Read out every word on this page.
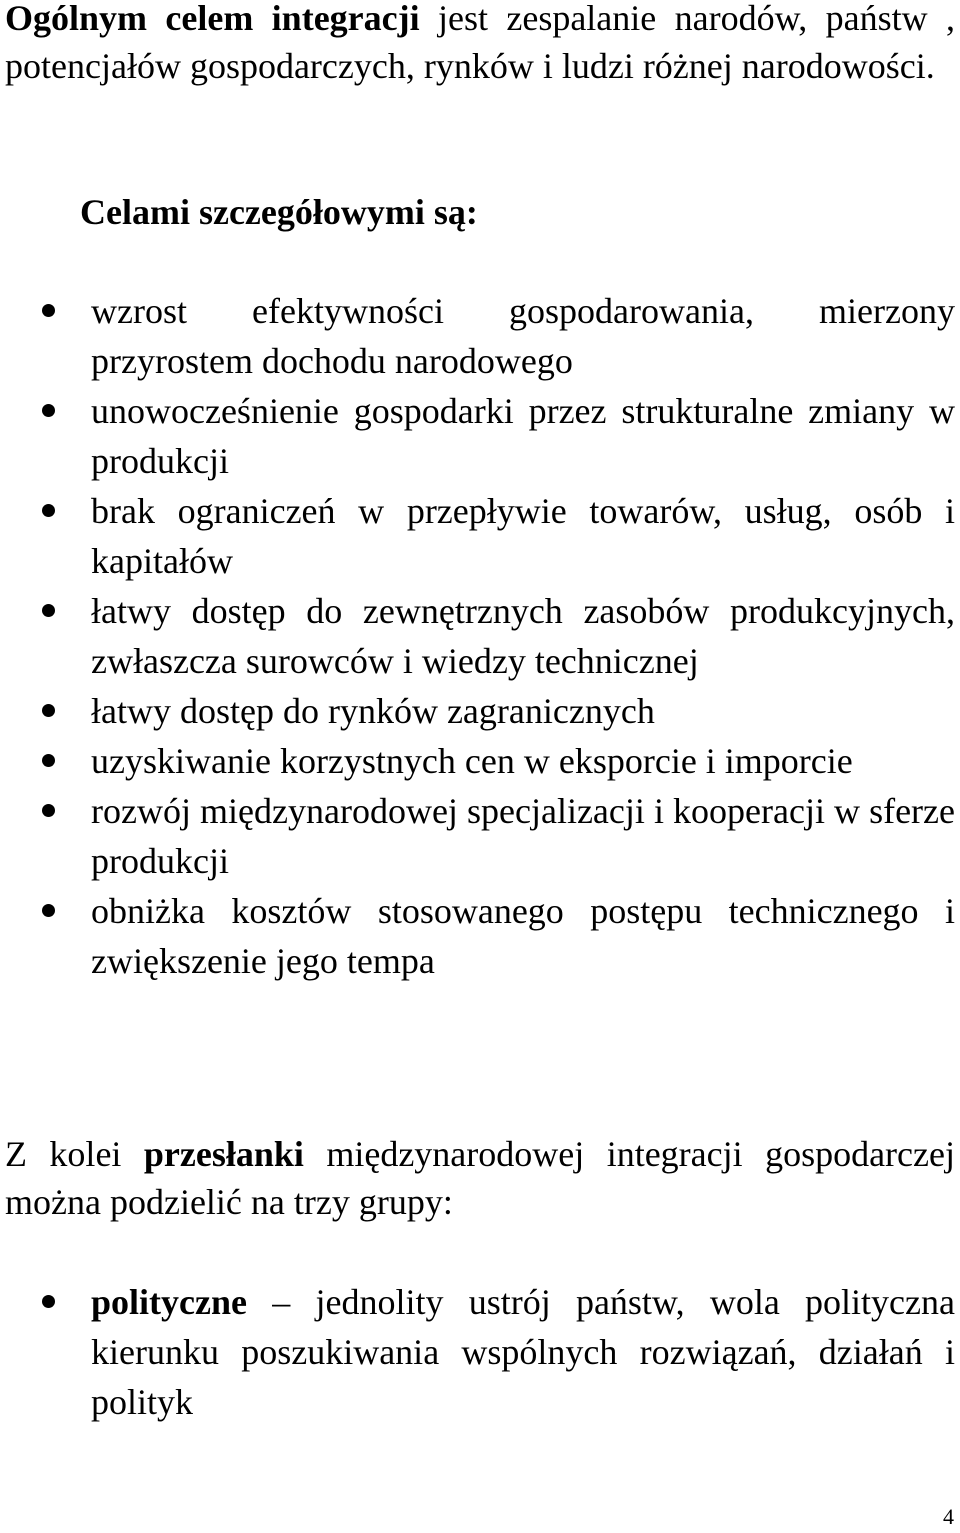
Ogólnym celem integracji jest zespalanie narodów, państw , potencjałów gospodarczych, rynków i ludzi różnej narodowości.

Celami szczegółowymi są:

wzrost efektywności gospodarowania, mierzony przyrostem dochodu narodowego
unowocześnienie gospodarki przez strukturalne zmiany w produkcji
brak ograniczeń w przepływie towarów, usług, osób i kapitałów
łatwy dostęp do zewnętrznych zasobów produkcyjnych, zwłaszcza surowców i wiedzy technicznej
łatwy dostęp do rynków zagranicznych
uzyskiwanie korzystnych cen w eksporcie i imporcie
rozwój międzynarodowej specjalizacji i kooperacji w sferze produkcji
obniżka kosztów stosowanego postępu technicznego i zwiększenie jego tempa

Z kolei przesłanki międzynarodowej integracji gospodarczej można podzielić na trzy grupy:

polityczne – jednolity ustrój państw, wola polityczna kierunku poszukiwania wspólnych rozwiązań, działań i polityk
4
